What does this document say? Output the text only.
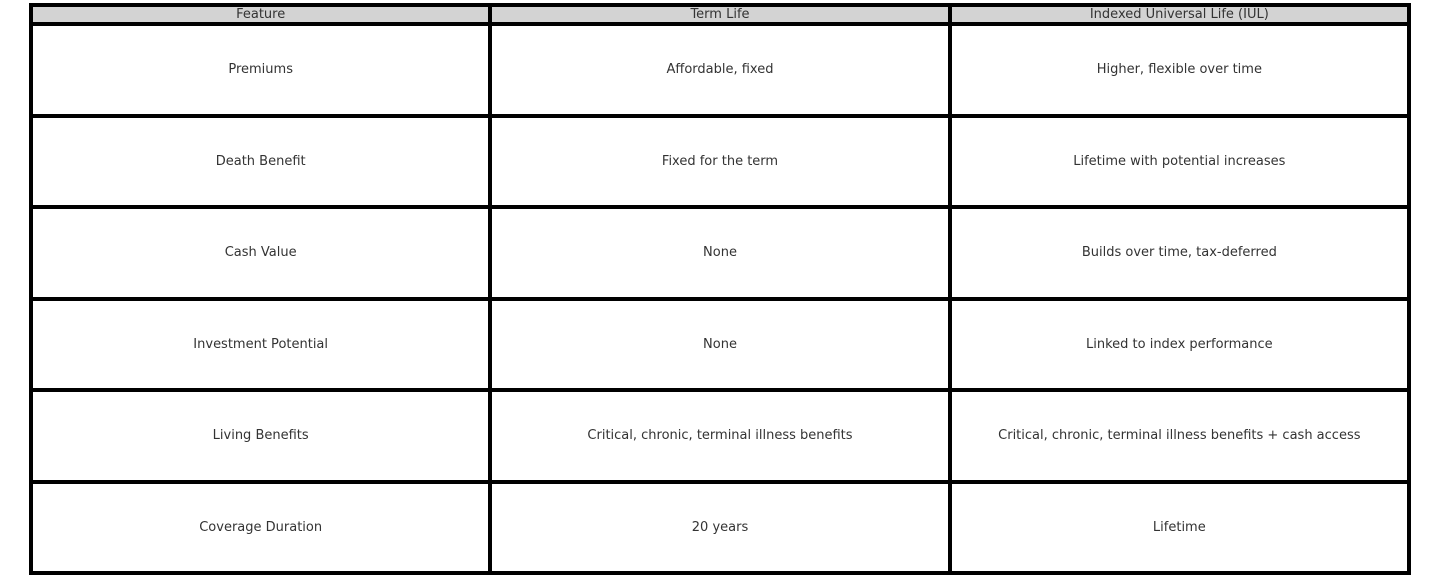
Feature	Term Life	Indexed Universal Life (IUL)
Premiums	Affordable, fixed	Higher, flexible over time
Death Benefit	Fixed for the term	Lifetime with potential increases
Cash Value	None	Builds over time, tax-deferred
Investment Potential	None	Linked to index performance
Living Benefits	Critical, chronic, terminal illness benefits	Critical, chronic, terminal illness benefits + cash access
Coverage Duration	20 years	Lifetime
